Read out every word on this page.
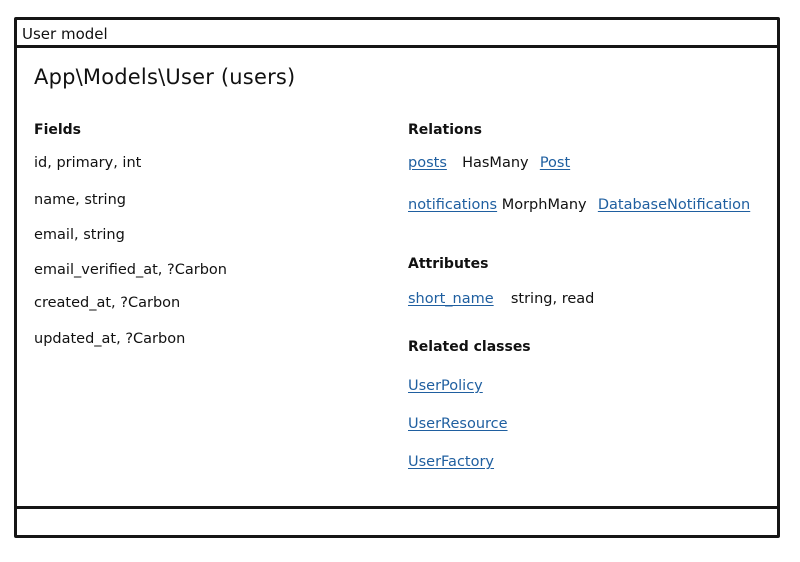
User model
App\Models\User (users)
Fields
id, primary, int
name, string
email, string
email_verified_at, ?Carbon
created_at, ?Carbon
updated_at, ?Carbon
Relations
posts HasMany Post
notifications MorphMany DatabaseNotification
Attributes
short_name string, read
Related classes
UserPolicy
UserResource
UserFactory
